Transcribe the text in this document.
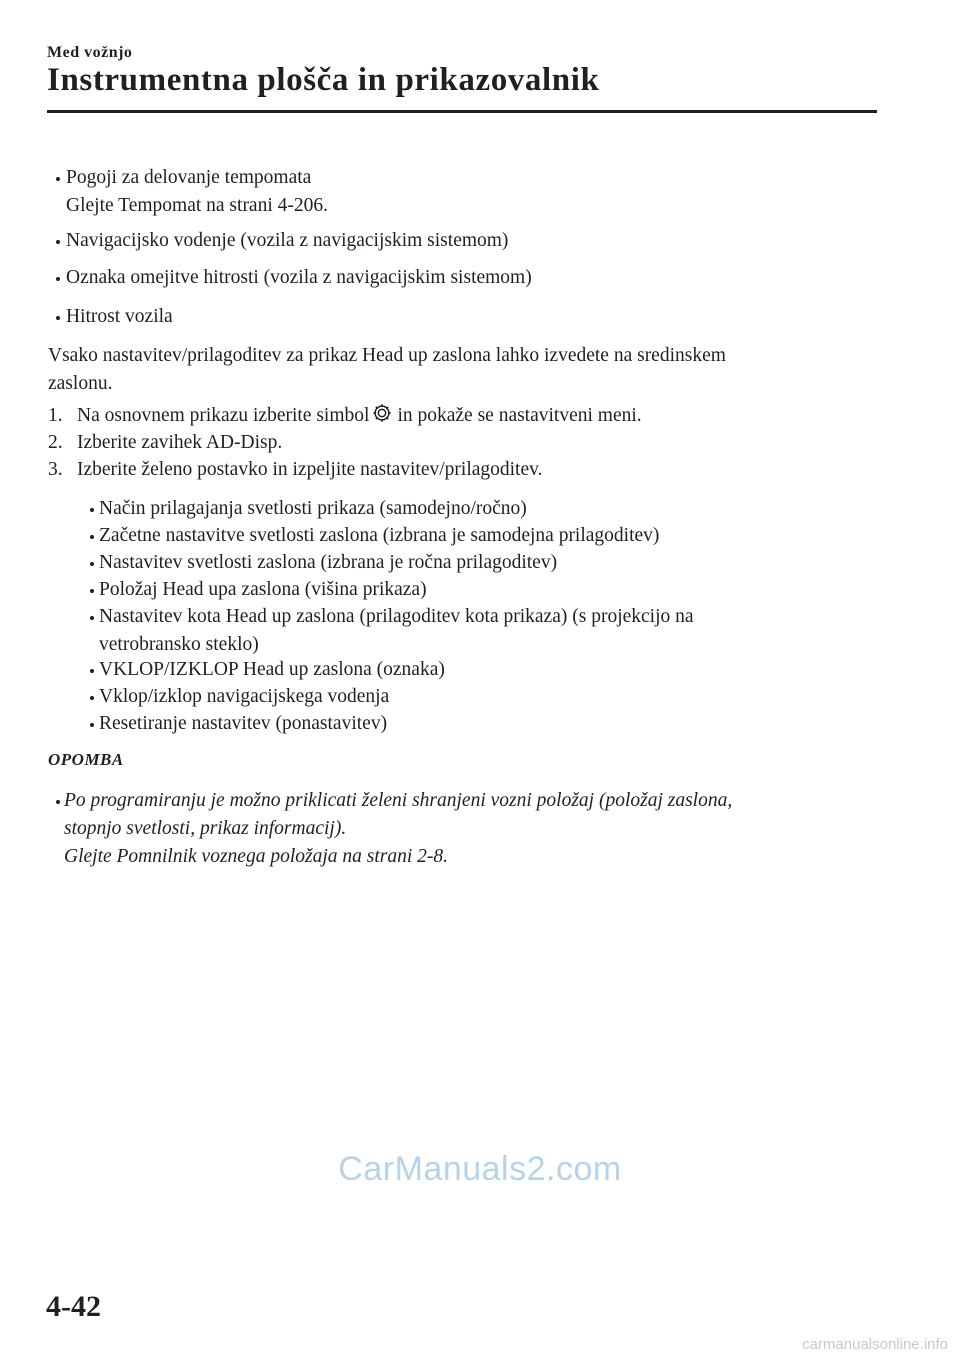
Med vožnjo
Instrumentna plošča in prikazovalnik
Pogoji za delovanje tempomata
Glejte Tempomat na strani 4-206.
Navigacijsko vodenje (vozila z navigacijskim sistemom)
Oznaka omejitve hitrosti (vozila z navigacijskim sistemom)
Hitrost vozila
Vsako nastavitev/prilagoditev za prikaz Head up zaslona lahko izvedete na sredinskem
zaslonu.
1. Na osnovnem prikazu izberite simbol in pokaže se nastavitveni meni.
2. Izberite zavihek AD-Disp.
3. Izberite želeno postavko in izpeljite nastavitev/prilagoditev.
Način prilagajanja svetlosti prikaza (samodejno/ročno)
Začetne nastavitve svetlosti zaslona (izbrana je samodejna prilagoditev)
Nastavitev svetlosti zaslona (izbrana je ročna prilagoditev)
Položaj Head upa zaslona (višina prikaza)
Nastavitev kota Head up zaslona (prilagoditev kota prikaza) (s projekcijo na
vetrobransko steklo)
VKLOP/IZKLOP Head up zaslona (oznaka)
Vklop/izklop navigacijskega vodenja
Resetiranje nastavitev (ponastavitev)
OPOMBA
Po programiranju je možno priklicati želeni shranjeni vozni položaj (položaj zaslona,
stopnjo svetlosti, prikaz informacij).
Glejte Pomnilnik voznega položaja na strani 2-8.
CarManuals2.com
4-42
carmanualsonline.info
